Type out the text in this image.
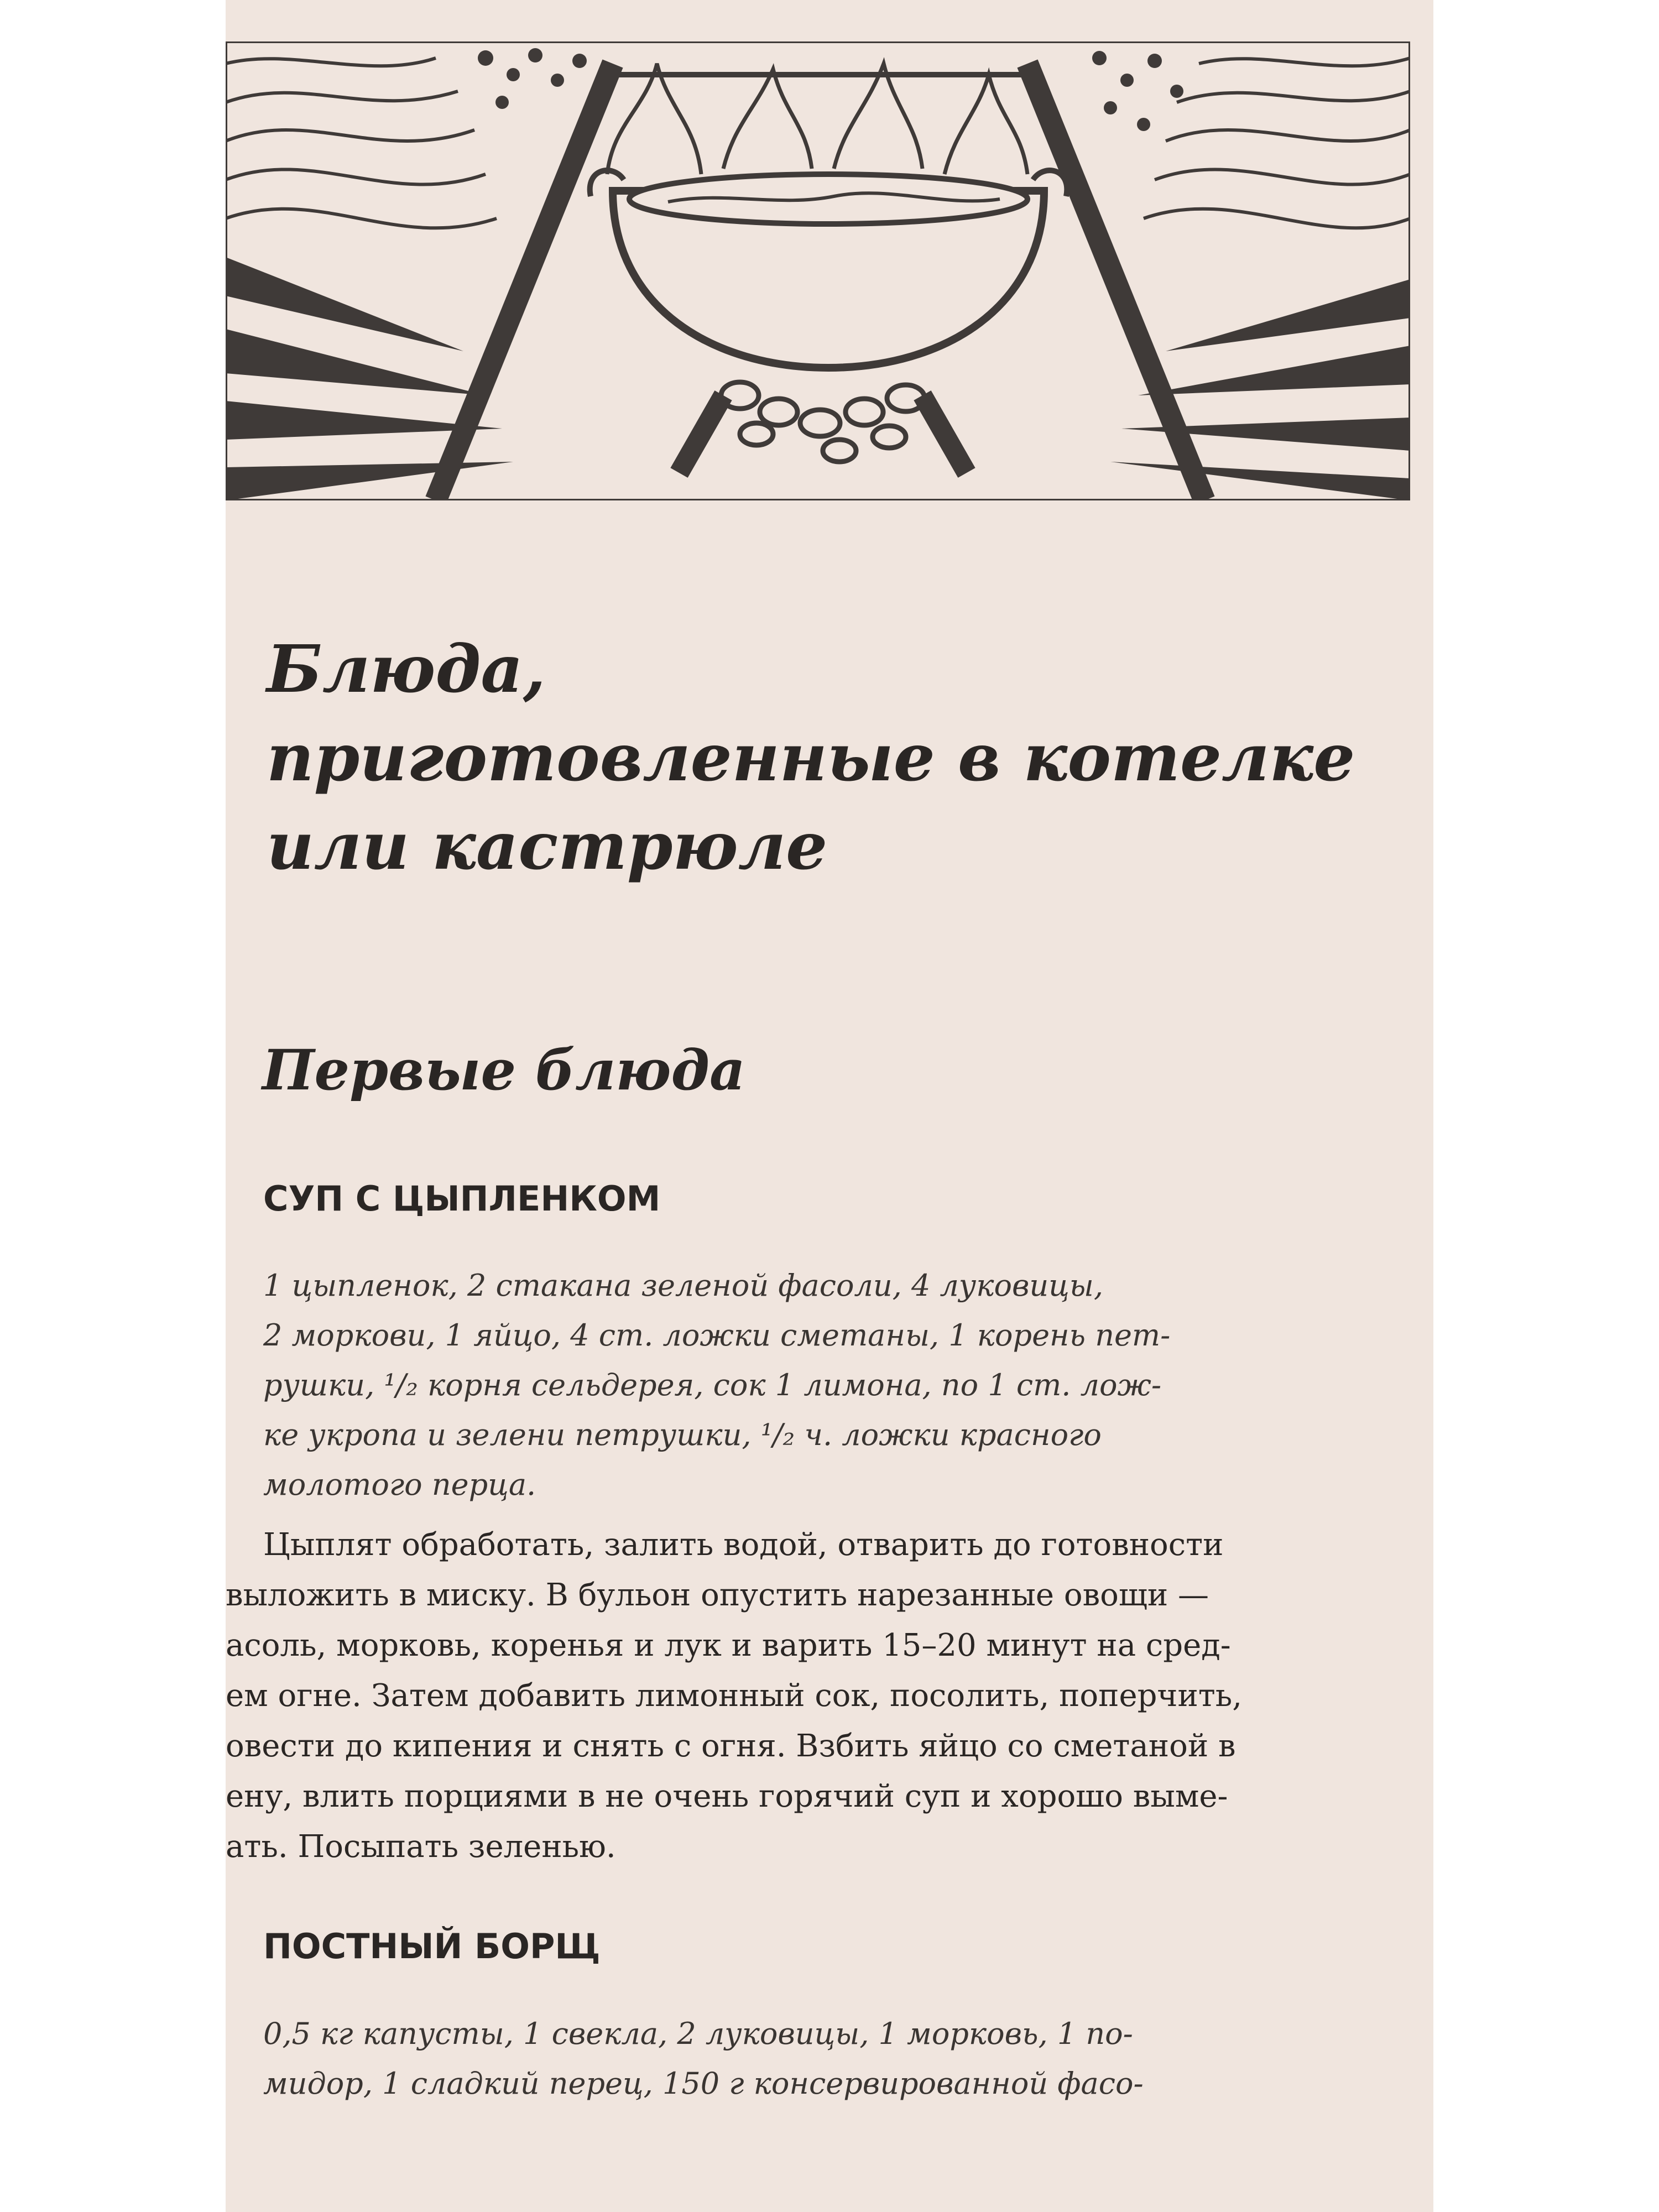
Блюда,
приготовленные в котелке
или кастрюле
Первые блюда
СУП С ЦЫПЛЕНКОМ

1 цыпленок, 2 стакана зеленой фасоли, 4 луковицы,
2 моркови, 1 яйцо, 4 ст. ложки сметаны, 1 корень пет-
рушки, ¹/₂ корня сельдерея, сок 1 лимона, по 1 ст. лож-
ке укропа и зелени петрушки, ¹/₂ ч. ложки красного
молотого перца.

Цыплят обработать, залить водой, отварить до готовности
выложить в миску. В бульон опустить нарезанные овощи —
асоль, морковь, коренья и лук и варить 15–20 минут на сред-
ем огне. Затем добавить лимонный сок, посолить, поперчить,
овести до кипения и снять с огня. Взбить яйцо со сметаной в
ену, влить порциями в не очень горячий суп и хорошо выме-
ать. Посыпать зеленью.

ПОСТНЫЙ БОРЩ

0,5 кг капусты, 1 свекла, 2 луковицы, 1 морковь, 1 по-
мидор, 1 сладкий перец, 150 г консервированной фасо-
